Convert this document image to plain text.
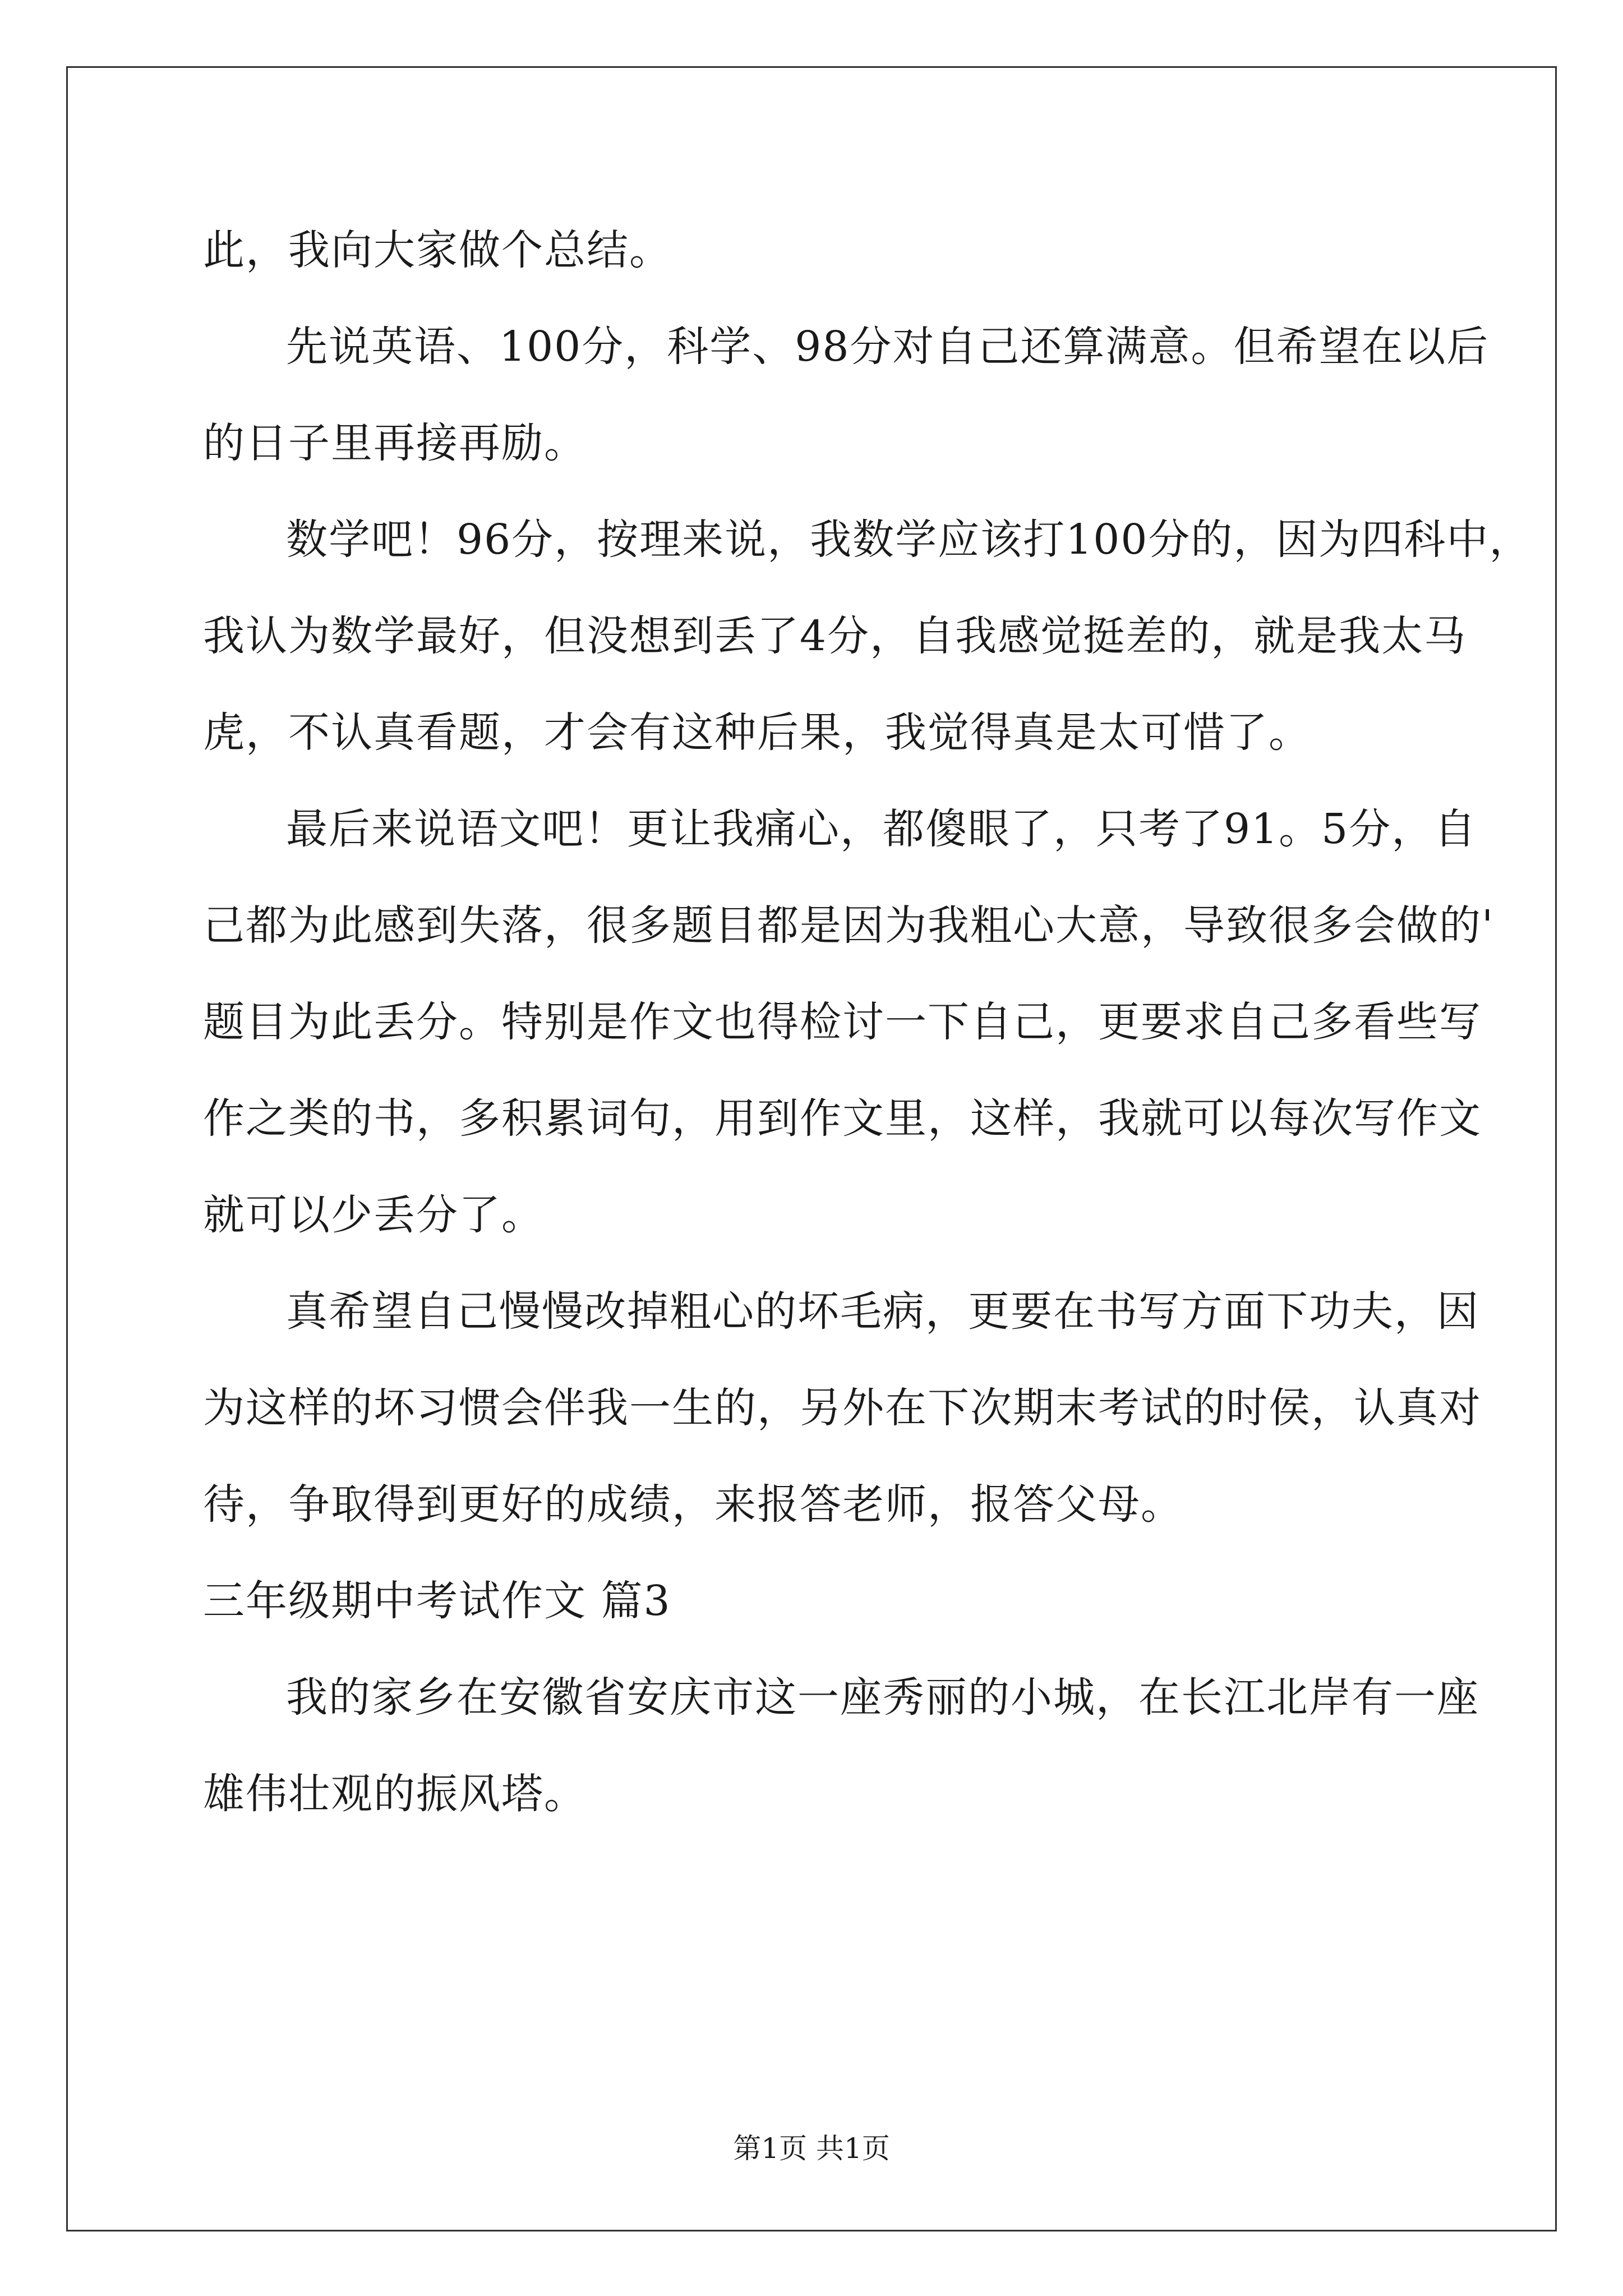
此，我向大家做个总结。
先说英语、100分，科学、98分对自己还算满意。但希望在以后
的日子里再接再励。
数学吧！96分，按理来说，我数学应该打100分的，因为四科中，
我认为数学最好，但没想到丢了4分，自我感觉挺差的，就是我太马
虎，不认真看题，才会有这种后果，我觉得真是太可惜了。
最后来说语文吧！更让我痛心，都傻眼了，只考了91。5分，自
己都为此感到失落，很多题目都是因为我粗心大意，导致很多会做的'
题目为此丢分。特别是作文也得检讨一下自己，更要求自己多看些写
作之类的书，多积累词句，用到作文里，这样，我就可以每次写作文
就可以少丢分了。
真希望自己慢慢改掉粗心的坏毛病，更要在书写方面下功夫，因
为这样的坏习惯会伴我一生的，另外在下次期末考试的时侯，认真对
待，争取得到更好的成绩，来报答老师，报答父母。
三年级期中考试作文 篇3
我的家乡在安徽省安庆市这一座秀丽的小城，在长江北岸有一座
雄伟壮观的振风塔。
第1页 共1页
